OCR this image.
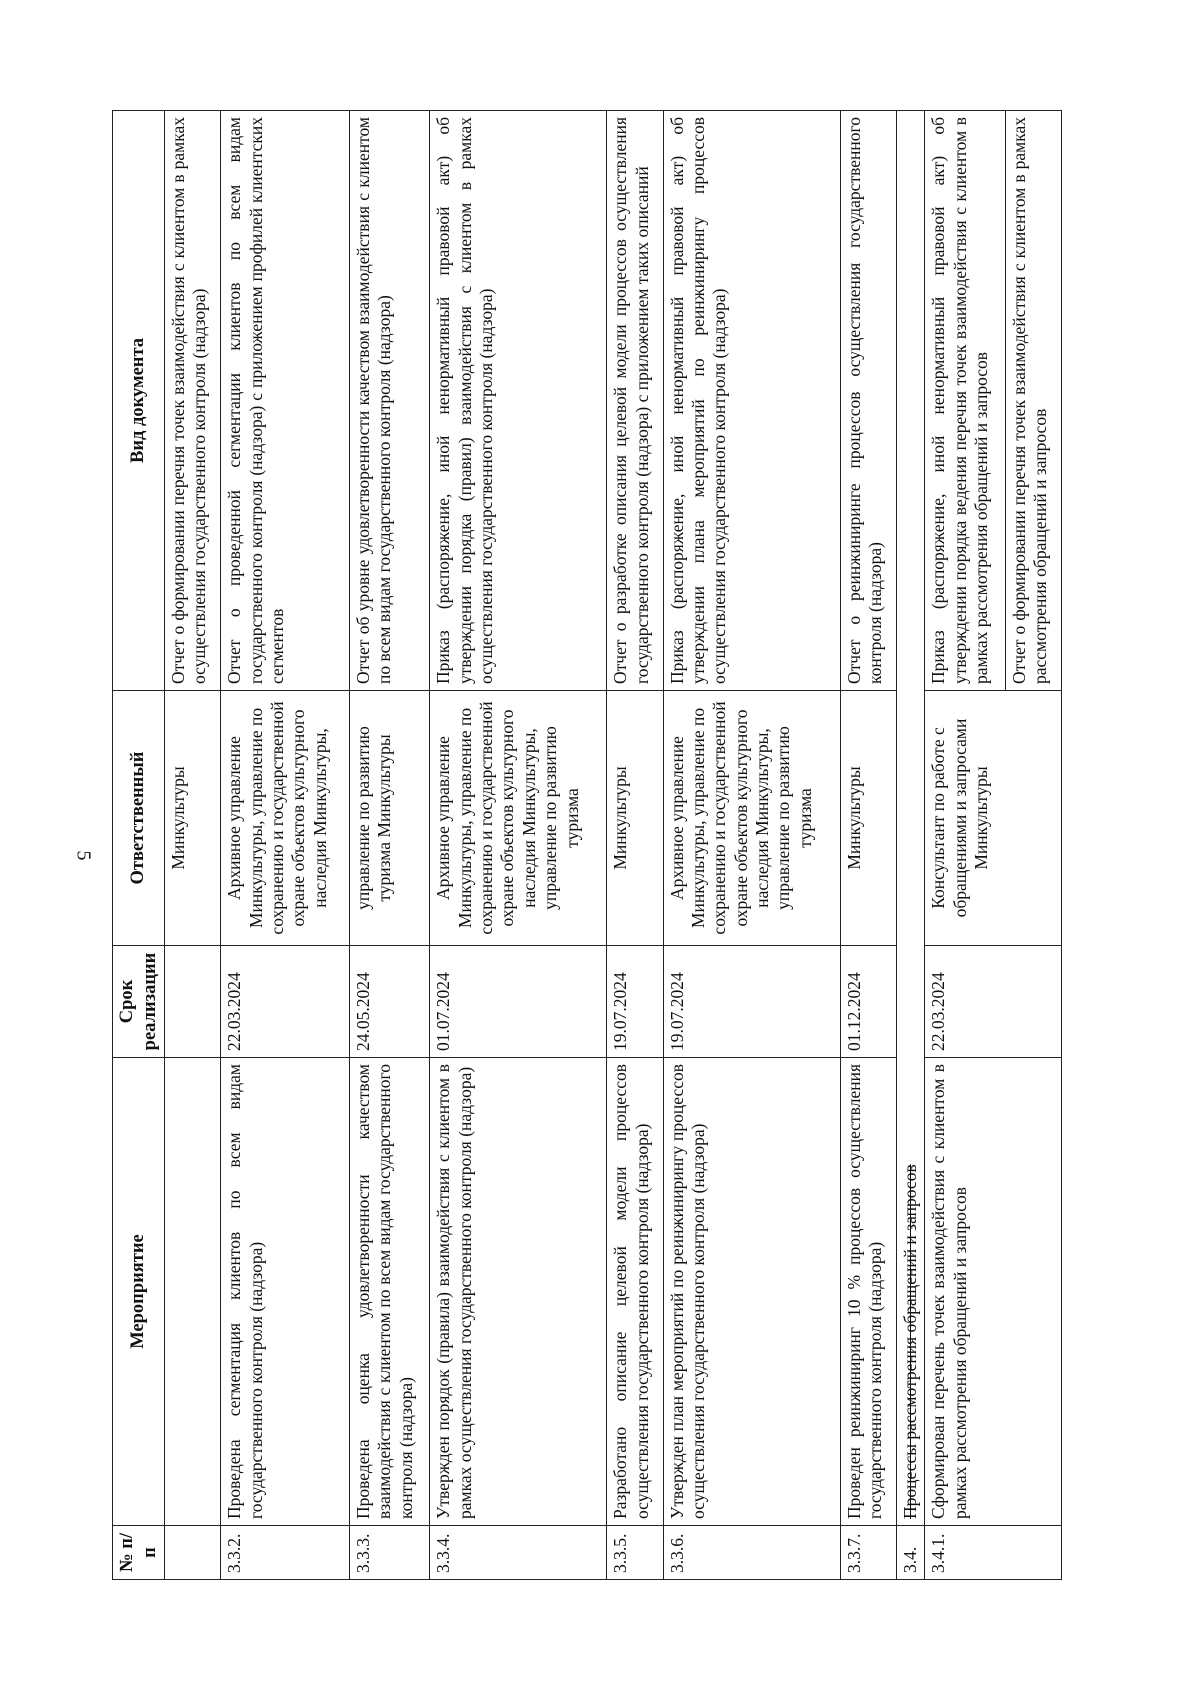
5
№ п/п	Мероприятие	Срок реализации	Ответственный	Вид документа
			Минкультуры	Отчет о формировании перечня точек взаимодействия с клиентом в рамках осуществления государственного контроля (надзора)
3.3.2.	Проведена сегментация клиентов по всем видам государственного контроля (надзора)	22.03.2024	Архивное управление Минкультуры, управление по сохранению и государственной охране объектов культурного наследия Минкультуры,	Отчет о проведенной сегментации клиентов по всем видам государственного контроля (надзора) с приложением профилей клиентских сегментов
3.3.3.	Проведена оценка удовлетворенности качеством взаимодействия с клиентом по всем видам государственного контроля (надзора)	24.05.2024	управление по развитию туризма Минкультуры	Отчет об уровне удовлетворенности качеством взаимодействия с клиентом по всем видам государственного контроля (надзора)
3.3.4.	Утвержден порядок (правила) взаимодействия с клиентом в рамках осуществления государственного контроля (надзора)	01.07.2024	Архивное управление Минкультуры, управление по сохранению и государственной охране объектов культурного наследия Минкультуры, управление по развитию туризма	Приказ (распоряжение, иной ненормативный правовой акт) об утверждении порядка (правил) взаимодействия с клиентом в рамках осуществления государственного контроля (надзора)
3.3.5.	Разработано описание целевой модели процессов осуществления государственного контроля (надзора)	19.07.2024	Минкультуры	Отчет о разработке описания целевой модели процессов осуществления государственного контроля (надзора) с приложением таких описаний
3.3.6.	Утвержден план мероприятий по реинжинирингу процессов осуществления государственного контроля (надзора)	19.07.2024	Архивное управление Минкультуры, управление по сохранению и государственной охране объектов культурного наследия Минкультуры, управление по развитию туризма	Приказ (распоряжение, иной ненормативный правовой акт) об утверждении плана мероприятий по реинжинирингу процессов осуществления государственного контроля (надзора)
3.3.7.	Проведен реинжиниринг 10 % процессов осуществления государственного контроля (надзора)	01.12.2024	Минкультуры	Отчет о реинжиниринге процессов осуществления государственного контроля (надзора)
3.4.	Процессы рассмотрения обращений и запросов			
3.4.1.	Сформирован перечень точек взаимодействия с клиентом в рамках рассмотрения обращений и запросов	22.03.2024	Консультант по работе с обращениями и запросами Минкультуры	Приказ (распоряжение, иной ненормативный правовой акт) об утверждении порядка ведения перечня точек взаимодействия с клиентом в рамках рассмотрения обращений и запросов
				Отчет о формировании перечня точек взаимодействия с клиентом в рамках рассмотрения обращений и запросов
